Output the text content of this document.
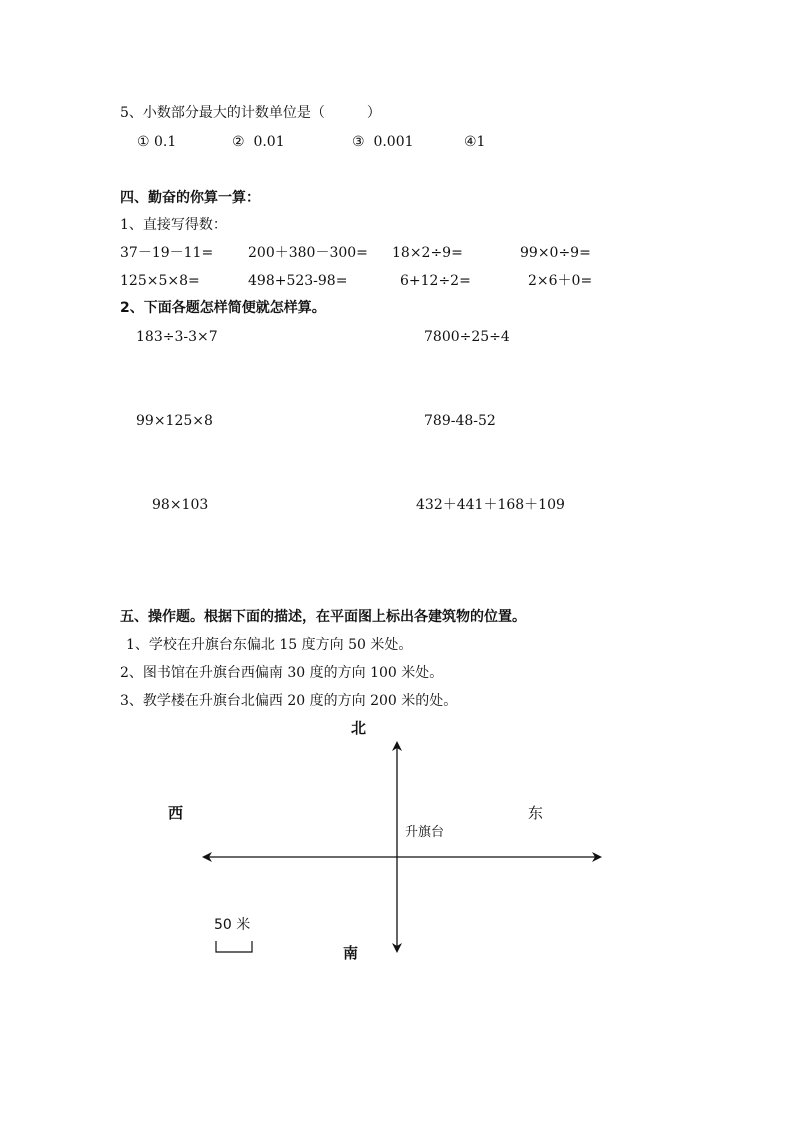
5、小数部分最大的计数单位是（　　　）
① 0.1	②  0.01	③  0.001	④1
四、勤奋的你算一算：
1、直接写得数：
37－19－11= 200＋380－300= 18×2÷9=	99×0÷9=
125×5×8=	498+523-98=	6+12÷2=	2×6＋0=
2、下面各题怎样简便就怎样算。
183÷3-3×7	7800÷25÷4
99×125×8	789-48-52
98×103	432＋441＋168＋109
五、操作题。根据下面的描述，在平面图上标出各建筑物的位置。
1、学校在升旗台东偏北 15 度方向 50 米处。
2、图书馆在升旗台西偏南 30 度的方向 100 米处。
3、教学楼在升旗台北偏西 20 度的方向 200 米的处。
北
西	东
升旗台
南
50 米
